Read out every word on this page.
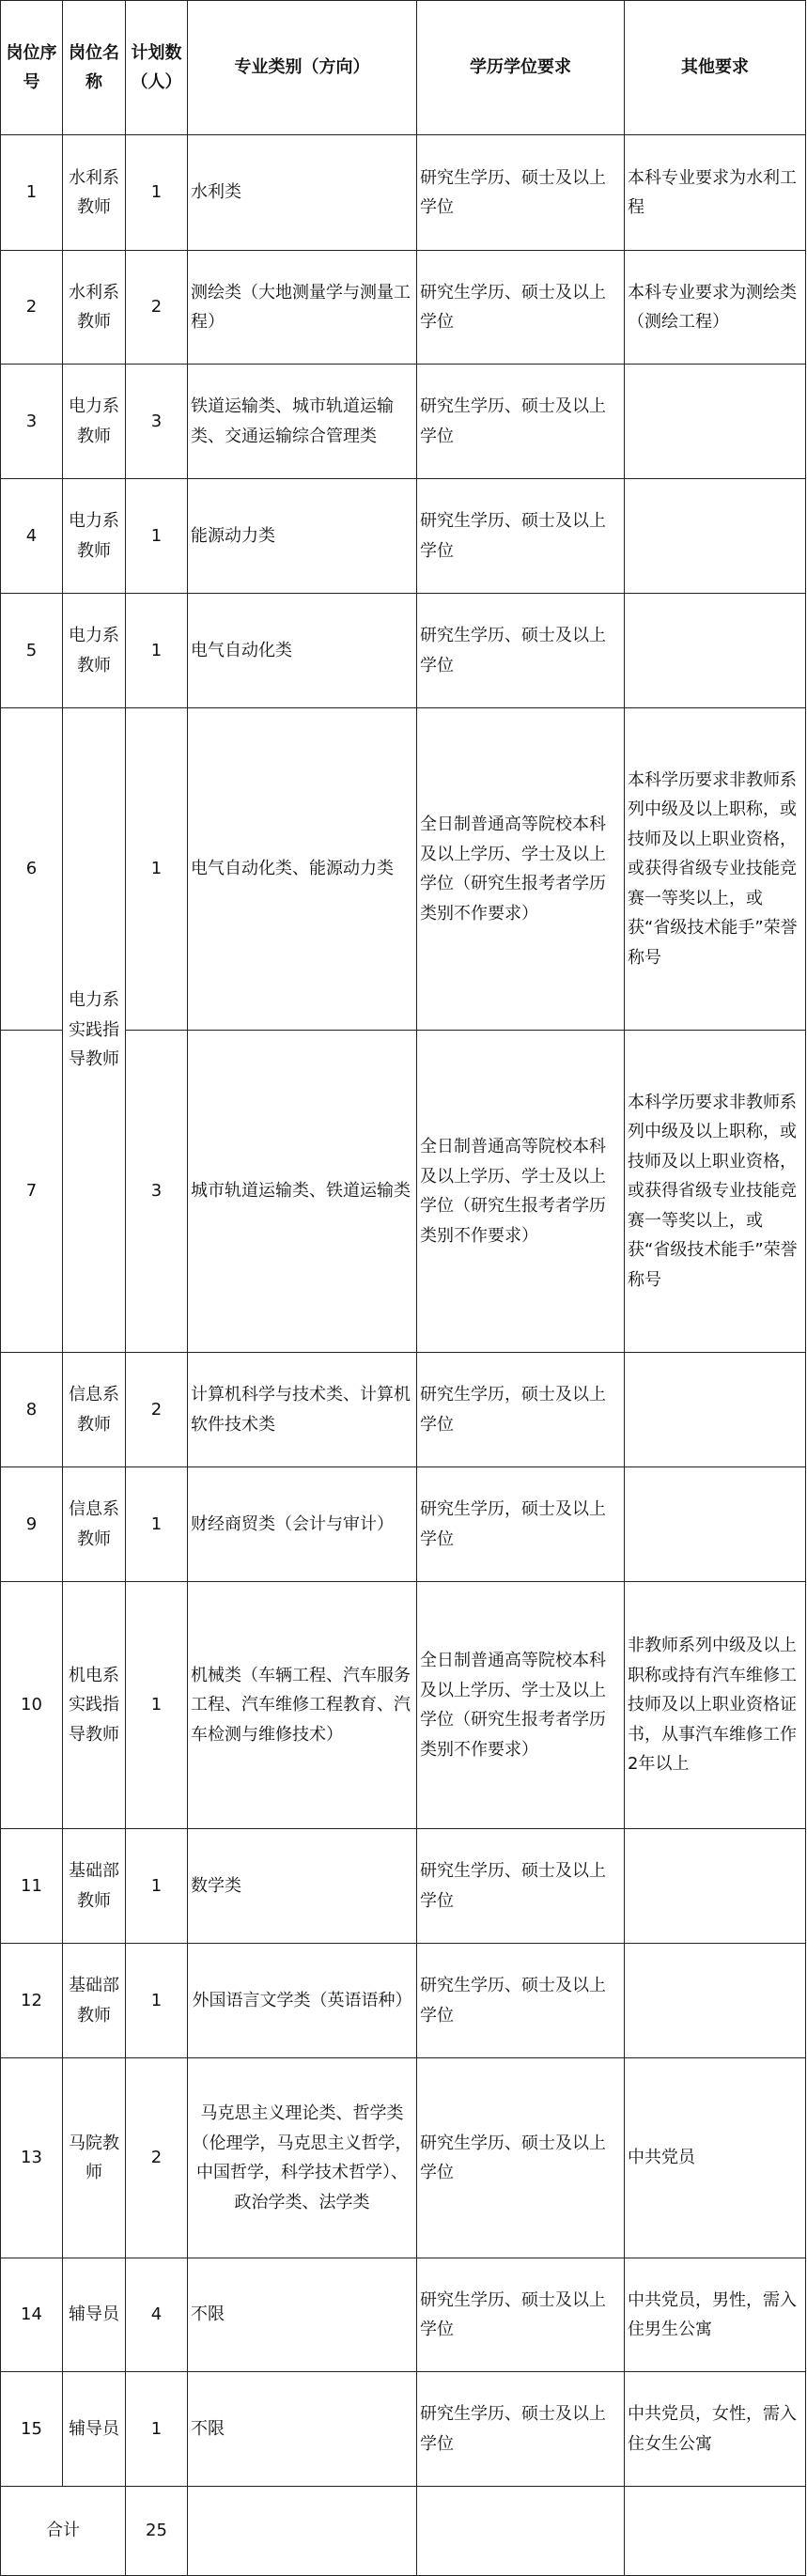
岗位序号	岗位名称	计划数（人）	专业类别（方向）	学历学位要求	其他要求
1	水利系教师	1	水利类	研究生学历、硕士及以上学位	本科专业要求为水利工程
2	水利系教师	2	测绘类（大地测量学与测量工程）	研究生学历、硕士及以上学位	本科专业要求为测绘类（测绘工程）
3	电力系教师	3	铁道运输类、城市轨道运输类、交通运输综合管理类	研究生学历、硕士及以上学位	
4	电力系教师	1	能源动力类	研究生学历、硕士及以上学位	
5	电力系教师	1	电气自动化类	研究生学历、硕士及以上学位	
6	电力系实践指导教师	1	电气自动化类、能源动力类	全日制普通高等院校本科及以上学历、学士及以上学位（研究生报考者学历类别不作要求）	本科学历要求非教师系列中级及以上职称，或技师及以上职业资格，或获得省级专业技能竞赛一等奖以上，或获“省级技术能手”荣誉称号
7		3	城市轨道运输类、铁道运输类	全日制普通高等院校本科及以上学历、学士及以上学位（研究生报考者学历类别不作要求）	本科学历要求非教师系列中级及以上职称，或技师及以上职业资格，或获得省级专业技能竞赛一等奖以上，或获“省级技术能手”荣誉称号
8	信息系教师	2	计算机科学与技术类、计算机软件技术类	研究生学历，硕士及以上学位	
9	信息系教师	1	财经商贸类（会计与审计）	研究生学历，硕士及以上学位	
10	机电系实践指导教师	1	机械类（车辆工程、汽车服务工程、汽车维修工程教育、汽车检测与维修技术）	全日制普通高等院校本科及以上学历、学士及以上学位（研究生报考者学历类别不作要求）	非教师系列中级及以上职称或持有汽车维修工技师及以上职业资格证书，从事汽车维修工作2年以上
11	基础部教师	1	数学类	研究生学历、硕士及以上学位	
12	基础部教师	1	外国语言文学类（英语语种）	研究生学历、硕士及以上学位	
13	马院教师	2	马克思主义理论类、哲学类（伦理学，马克思主义哲学，中国哲学，科学技术哲学）、政治学类、法学类	研究生学历、硕士及以上学位	中共党员
14	辅导员	4	不限	研究生学历、硕士及以上学位	中共党员，男性，需入住男生公寓
15	辅导员	1	不限	研究生学历、硕士及以上学位	中共党员，女性，需入住女生公寓
合计		25			
